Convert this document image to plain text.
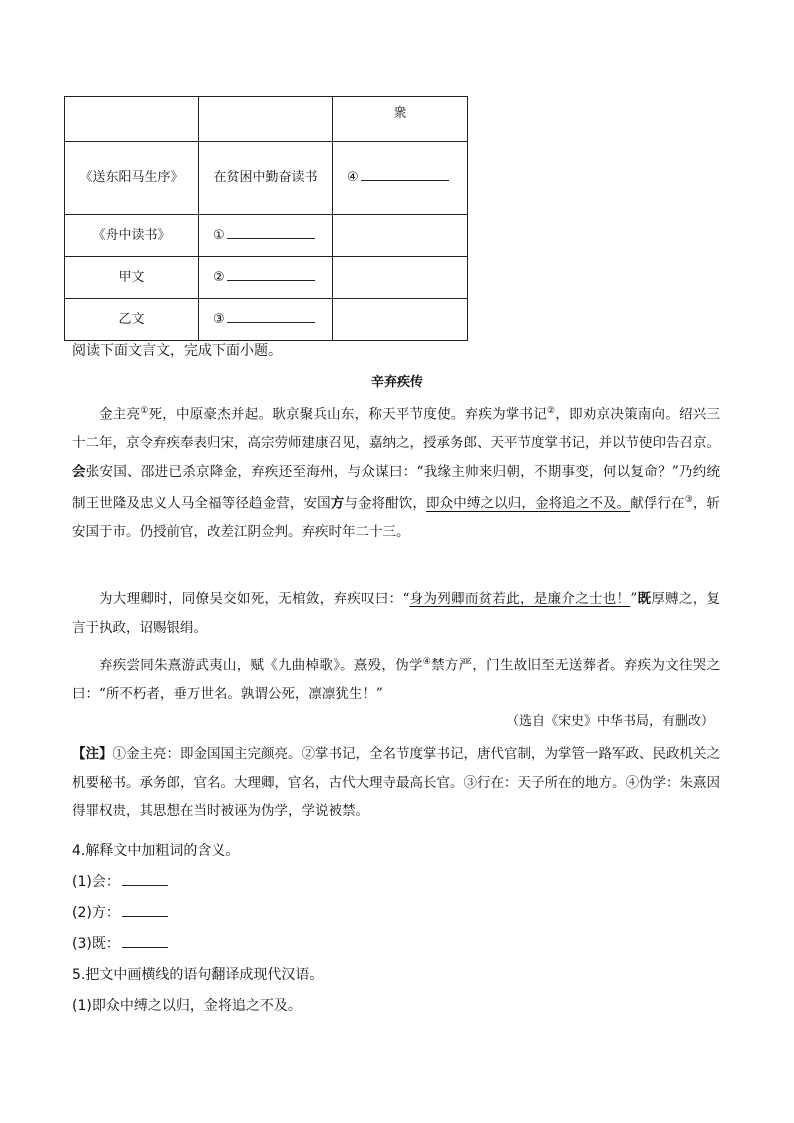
		衆
《送东阳马生序》	在贫困中勤奋读书	④
《舟中读书》	①	
甲文	②	
乙文	③	
阅读下面文言文，完成下面小题。
辛弃疾传
金主亮①死，中原豪杰并起。耿京聚兵山东，称天平节度使。弃疾为掌书记②，即劝京决策南向。绍兴三十二年，京令弃疾奉表归宋，高宗劳师建康召见，嘉纳之，授承务郎、天平节度掌书记，并以节使印告召京。会张安国、邵进已杀京降金，弃疾还至海州，与众谋曰：“我缘主帅来归朝，不期事变，何以复命？”乃约统制王世隆及忠义人马全福等径趋金营，安国方与金将酣饮，即众中缚之以归，金将追之不及。献俘行在③，斩安国于市。仍授前官，改差江阴佥判。弃疾时年二十三。
为大理卿时，同僚吴交如死，无棺敛，弃疾叹曰：“身为列卿而贫若此，是廉介之士也！”既厚赙之，复言于执政，诏赐银绢。
弃疾尝同朱熹游武夷山，赋《九曲棹歌》。熹殁，伪学④禁方严，门生故旧至无送葬者。弃疾为文往哭之曰：“所不朽者，垂万世名。孰谓公死，凛凛犹生！”
（选自《宋史》中华书局，有删改）
【注】①金主亮：即金国国主完颜亮。②掌书记，全名节度掌书记，唐代官制，为掌管一路军政、民政机关之机要秘书。承务郎，官名。大理卿，官名，古代大理寺最高长官。③行在：天子所在的地方。④伪学：朱熹因得罪权贵，其思想在当时被诬为伪学，学说被禁。
4.解释文中加粗词的含义。
(1)会：
(2)方：
(3)既：
5.把文中画横线的语句翻译成现代汉语。
(1)即众中缚之以归，金将追之不及。
